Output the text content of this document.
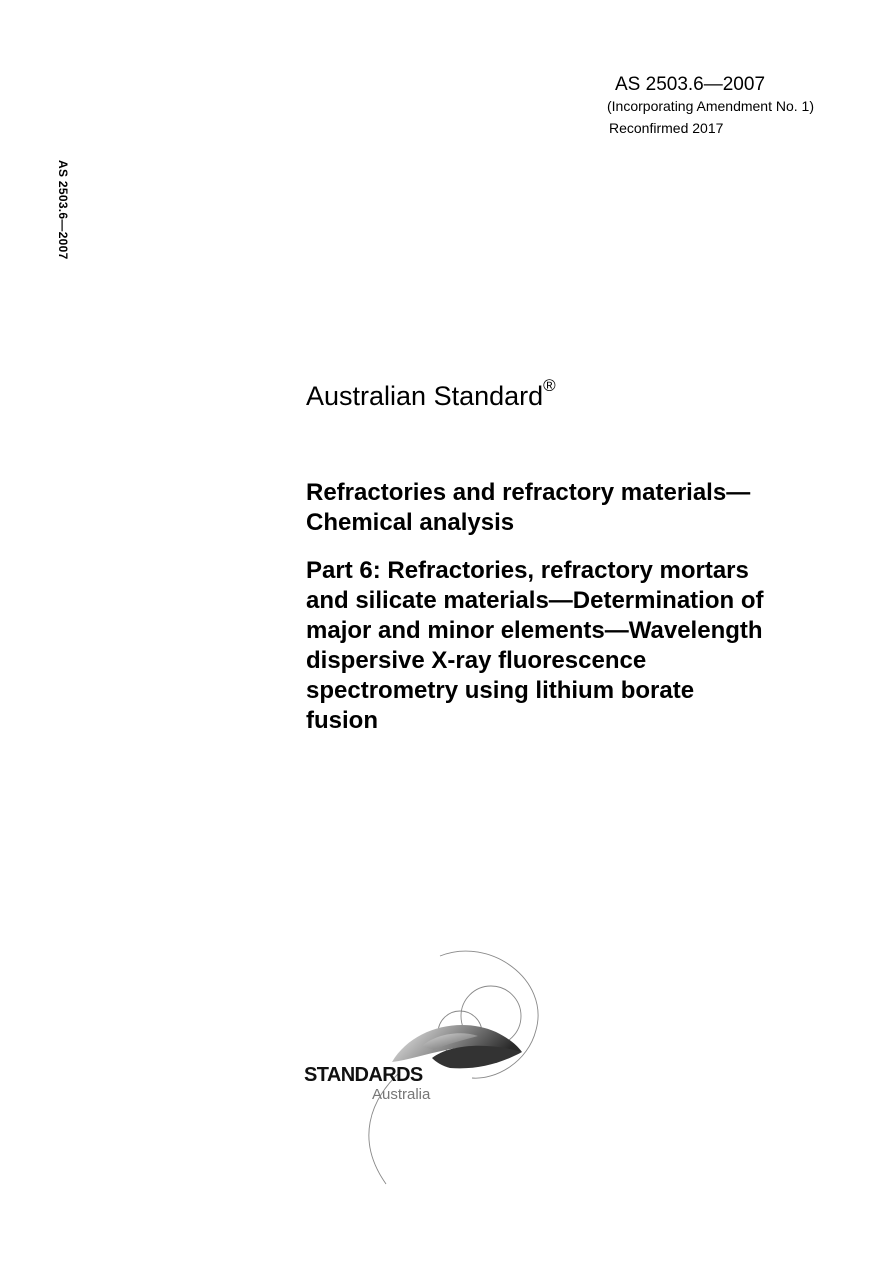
AS 2503.6—2007
(Incorporating Amendment No. 1)
Reconfirmed 2017
AS 2503.6—2007
Australian Standard®

Refractories and refractory materials—
Chemical analysis

Part 6: Refractories, refractory mortars
and silicate materials—Determination of
major and minor elements—Wavelength
dispersive X-ray fluorescence
spectrometry using lithium borate
fusion

STANDARDS
Australia
